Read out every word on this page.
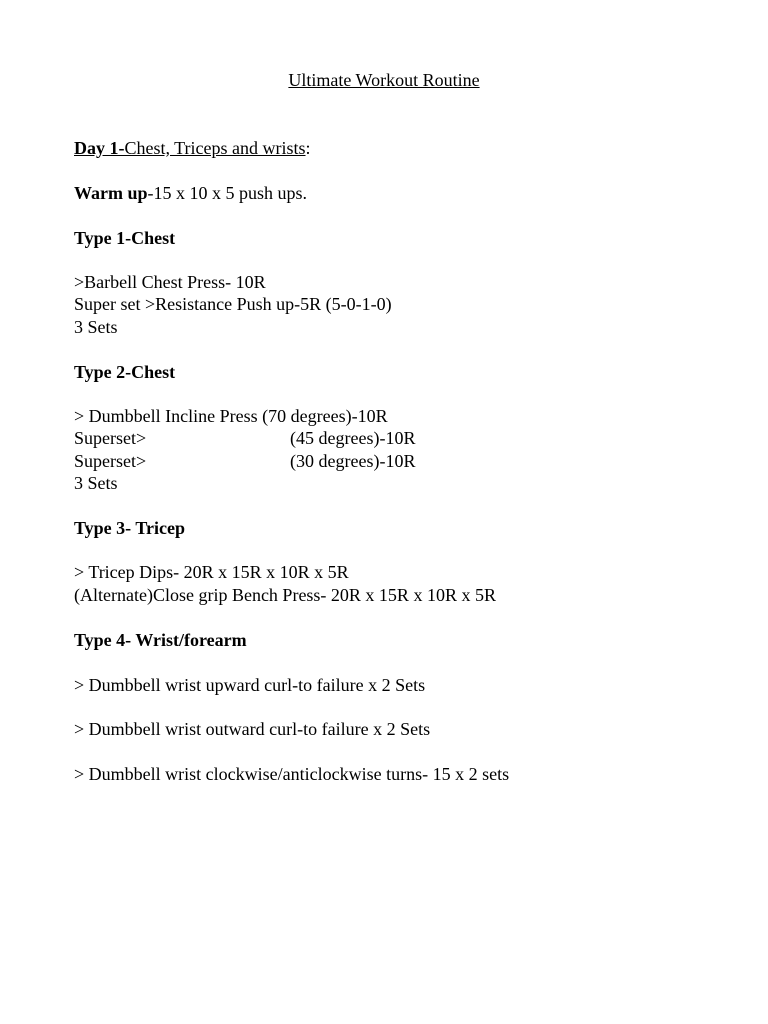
Ultimate Workout Routine
Day 1-Chest, Triceps and wrists:
Warm up-15 x 10 x 5 push ups.
Type 1-Chest
>Barbell Chest Press- 10R
Super set >Resistance Push up-5R (5-0-1-0)
3 Sets
Type 2-Chest
> Dumbbell Incline Press (70 degrees)-10R
Superset>	(45 degrees)-10R
Superset>	(30 degrees)-10R
3 Sets
Type 3- Tricep
> Tricep Dips- 20R x 15R x 10R x 5R
(Alternate)Close grip Bench Press- 20R x 15R x 10R x 5R
Type 4- Wrist/forearm
> Dumbbell wrist upward curl-to failure x 2 Sets
> Dumbbell wrist outward curl-to failure x 2 Sets
> Dumbbell wrist clockwise/anticlockwise turns- 15 x 2 sets
